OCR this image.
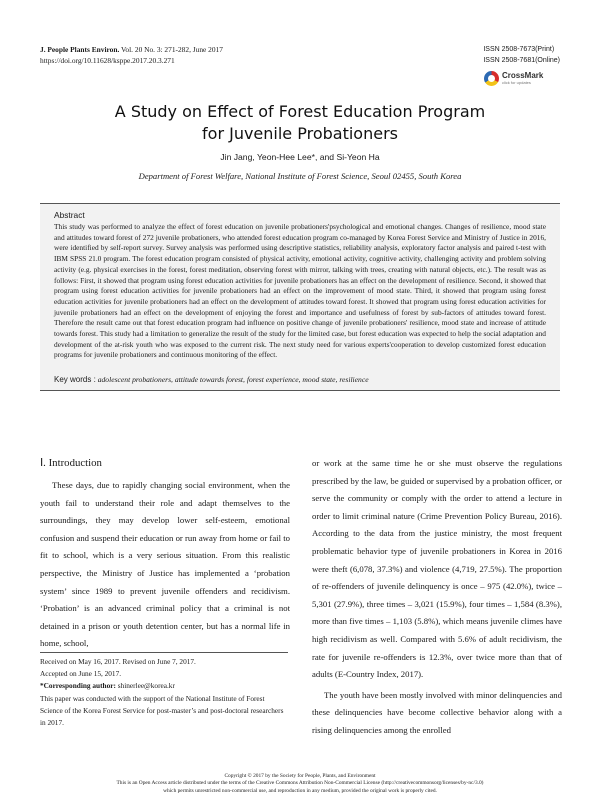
J. People Plants Environ. Vol. 20 No. 3: 271-282, June 2017
https://doi.org/10.11628/ksppe.2017.20.3.271
ISSN 2508-7673(Print)
ISSN 2508-7681(Online)
CrossMark
click for updates
A Study on Effect of Forest Education Program
for Juvenile Probationers
Jin Jang, Yeon-Hee Lee*, and Si-Yeon Ha
Department of Forest Welfare, National Institute of Forest Science, Seoul 02455, South Korea
Abstract
This study was performed to analyze the effect of forest education on juvenile probationers'psychological and emotional changes. Changes of resilience, mood state and attitudes toward forest of 272 juvenile probationers, who attended forest education program co-managed by Korea Forest Service and Ministry of Justice in 2016, were identified by self-report survey. Survey analysis was performed using descriptive statistics, reliability analysis, exploratory factor analysis and paired t-test with IBM SPSS 21.0 program. The forest education program consisted of physical activity, emotional activity, cognitive activity, challenging activity and problem solving activity (e.g. physical exercises in the forest, forest meditation, observing forest with mirror, talking with trees, creating with natural objects, etc.). The result was as follows: First, it showed that program using forest education activities for juvenile probationers has an effect on the development of resilience. Second, it showed that program using forest education activities for juvenile probationers had an effect on the improvement of mood state. Third, it showed that program using forest education activities for juvenile probationers had an effect on the development of attitudes toward forest. It showed that program using forest education activities for juvenile probationers had an effect on the development of enjoying the forest and importance and usefulness of forest by sub-factors of attitudes toward forest. Therefore the result came out that forest education program had influence on positive change of juvenile probationers' resilience, mood state and increase of attitude towards forest. This study had a limitation to generalize the result of the study for the limited case, but forest education was expected to help the social adaptation and development of the at-risk youth who was exposed to the current risk. The next study need for various experts'cooperation to develop customized forest education programs for juvenile probationers and continuous monitoring of the effect.
Key words : adolescent probationers, attitude towards forest, forest experience, mood state, resilience
Ⅰ. Introduction

These days, due to rapidly changing social environment, when the youth fail to understand their role and adapt themselves to the surroundings, they may develop lower self-esteem, emotional confusion and suspend their education or run away from home or fail to fit to school, which is a very serious situation. From this realistic perspective, the Ministry of Justice has implemented a ‘probation system’ since 1989 to prevent juvenile offenders and recidivism. ‘Probation’ is an advanced criminal policy that a criminal is not detained in a prison or youth detention center, but has a normal life in home, school,

or work at the same time he or she must observe the regulations prescribed by the law, be guided or supervised by a probation officer, or serve the community or comply with the order to attend a lecture in order to limit criminal nature (Crime Prevention Policy Bureau, 2016). According to the data from the justice ministry, the most frequent problematic behavior type of juvenile probationers in Korea in 2016 were theft (6,078, 37.3%) and violence (4,719, 27.5%). The proportion of re-offenders of juvenile delinquency is once – 975 (42.0%), twice – 5,301 (27.9%), three times – 3,021 (15.9%), four times – 1,584 (8.3%), more than five times – 1,103 (5.8%), which means juvenile climes have high recidivism as well. Compared with 5.6% of adult recidivism, the rate for juvenile re-offenders is 12.3%, over twice more than that of adults (E-Country Index, 2017).

The youth have been mostly involved with minor delinquencies and these delinquencies have become collective behavior along with a rising delinquencies among the enrolled

Received on May 16, 2017. Revised on June 7, 2017.
Accepted on June 15, 2017.
*Corresponding author: shinerlee@korea.kr
This paper was conducted with the support of the National Institute of Forest Science of the Korea Forest Service for post-master’s and post-doctoral researchers in 2017.
Copyright © 2017 by the Society for People, Plants, and Environment
This is an Open Access article distributed under the terms of the Creative Commons Attribution Non-Commercial License (http://creativecommonsorg/licenses/by-nc/3.0)
which permits unrestricted non-commercial use, and reproduction in any medium, provided the original work is properly cited.
